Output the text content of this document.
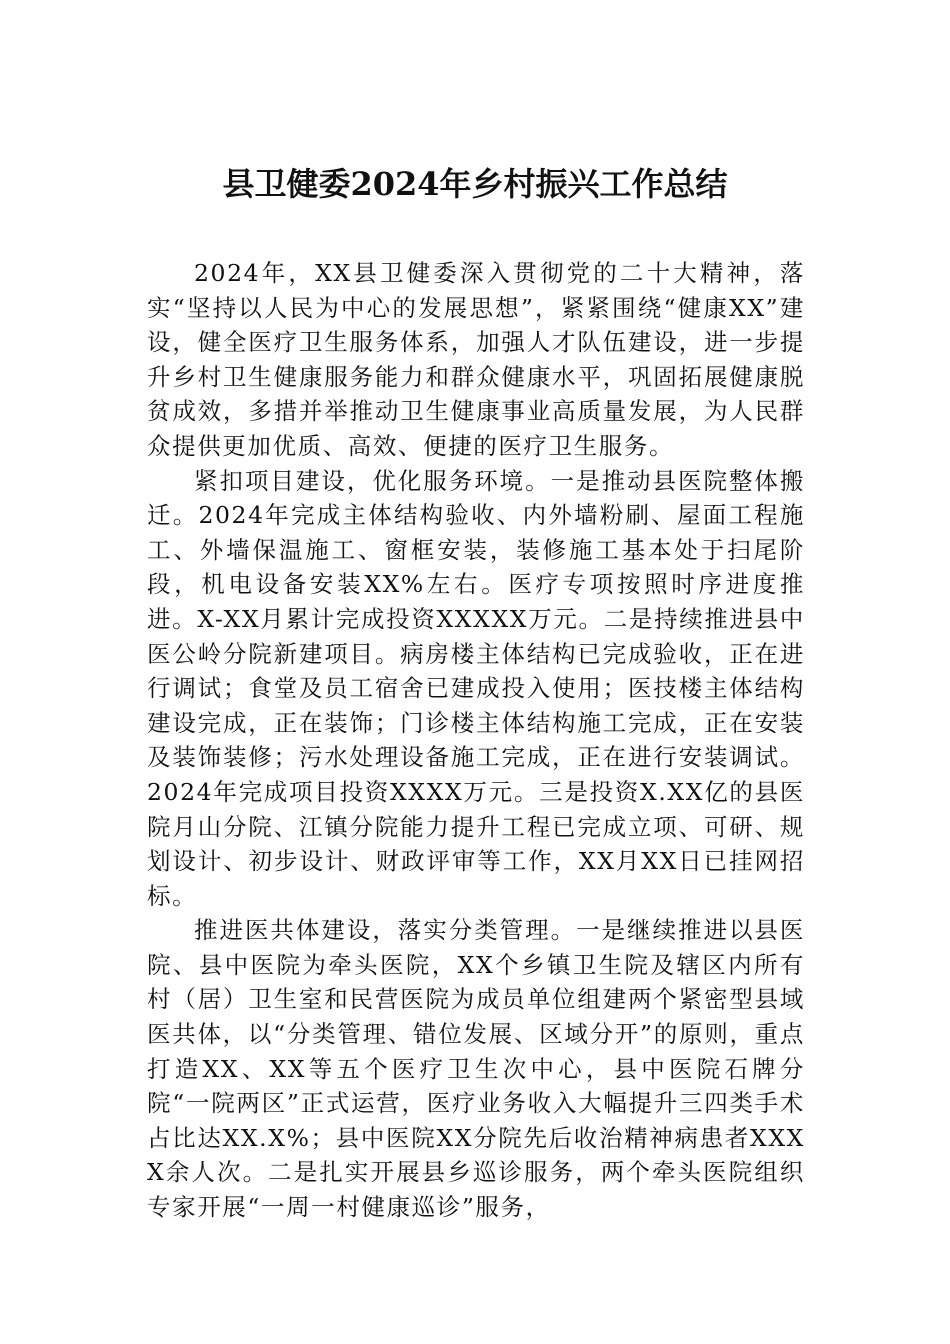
县卫健委2024年乡村振兴工作总结

2024年，XX县卫健委深入贯彻党的二十大精神，落实“坚持以人民为中心的发展思想”，紧紧围绕“健康XX”建设，健全医疗卫生服务体系，加强人才队伍建设，进一步提升乡村卫生健康服务能力和群众健康水平，巩固拓展健康脱贫成效，多措并举推动卫生健康事业高质量发展，为人民群众提供更加优质、高效、便捷的医疗卫生服务。

紧扣项目建设，优化服务环境。一是推动县医院整体搬迁。2024年完成主体结构验收、内外墙粉刷、屋面工程施工、外墙保温施工、窗框安装，装修施工基本处于扫尾阶段，机电设备安装XX%左右。医疗专项按照时序进度推进。X-XX月累计完成投资XXXXX万元。二是持续推进县中医公岭分院新建项目。病房楼主体结构已完成验收，正在进行调试；食堂及员工宿舍已建成投入使用；医技楼主体结构建设完成，正在装饰；门诊楼主体结构施工完成，正在安装及装饰装修；污水处理设备施工完成，正在进行安装调试。2024年完成项目投资XXXX万元。三是投资X.XX亿的县医院月山分院、江镇分院能力提升工程已完成立项、可研、规划设计、初步设计、财政评审等工作，XX月XX日已挂网招标。

推进医共体建设，落实分类管理。一是继续推进以县医院、县中医院为牵头医院，XX个乡镇卫生院及辖区内所有村（居）卫生室和民营医院为成员单位组建两个紧密型县域医共体，以“分类管理、错位发展、区域分开”的原则，重点打造XX、XX等五个医疗卫生次中心，县中医院石牌分院“一院两区”正式运营，医疗业务收入大幅提升三四类手术占比达XX.X%；县中医院XX分院先后收治精神病患者XXXX余人次。二是扎实开展县乡巡诊服务，两个牵头医院组织专家开展“一周一村健康巡诊”服务，
